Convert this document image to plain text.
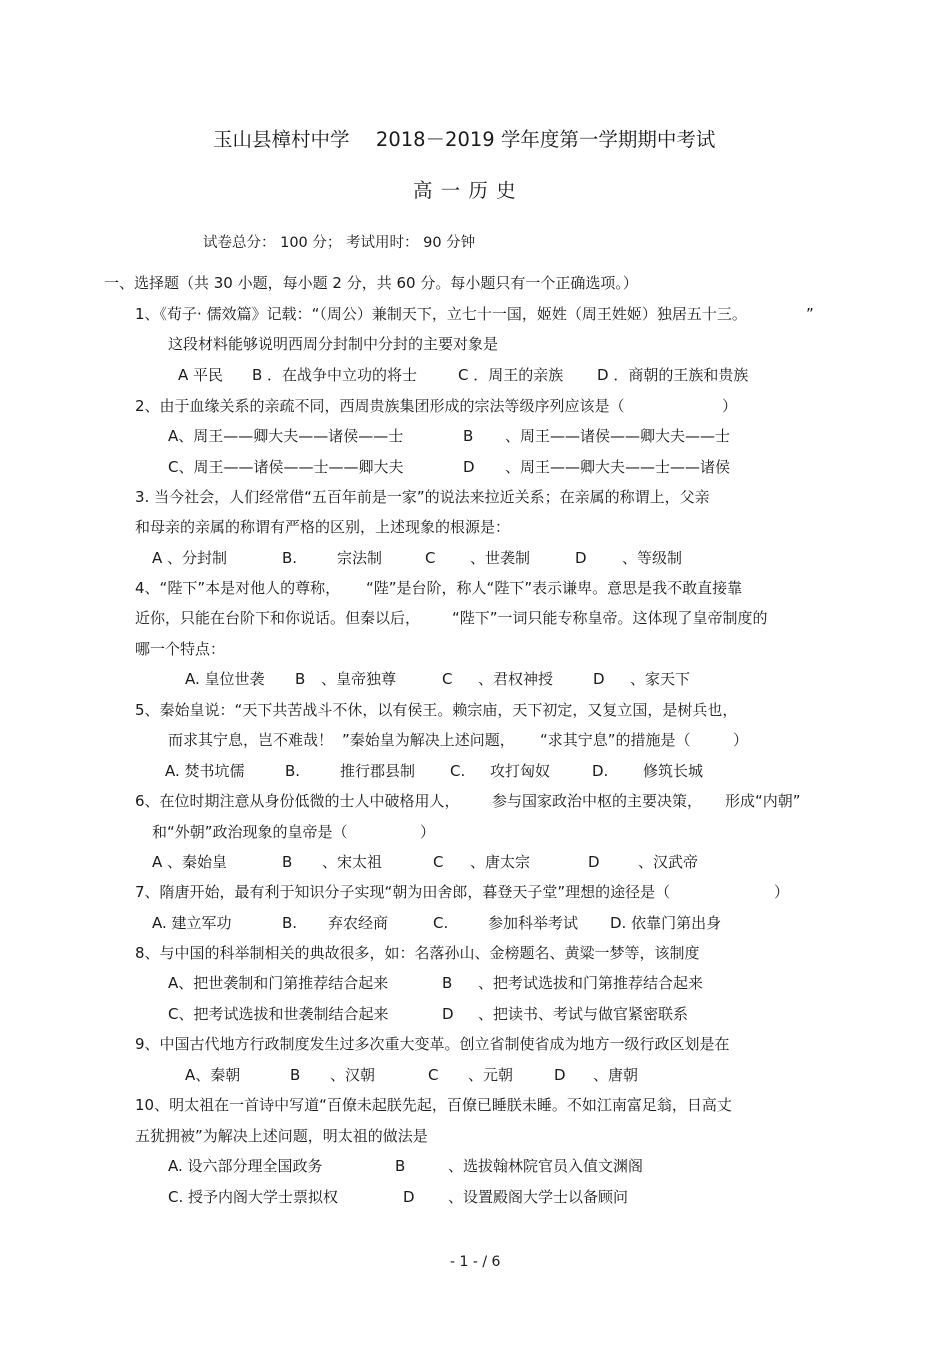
玉山县樟村中学 2018－2019 学年度第一学期期中考试
高 一 历 史
试卷总分： 100 分； 考试用时： 90 分钟
一、选择题（共 30 小题，每小题 2 分，共 60 分。每小题只有一个正确选项。）
1、《荀子· 儒效篇》记载：“（周公）兼制天下，立七十一国，姬姓（周王姓姬）独居五十三。	”
这段材料能够说明西周分封制中分封的主要对象是
A 平民 B ．在战争中立功的将士	C ．周王的亲族 D ．商朝的王族和贵族
2、由于血缘关系的亲疏不同，西周贵族集团形成的宗法等级序列应该是（	）
A、周王——卿大夫——诸侯——士	B 、周王——诸侯——卿大夫——士
C、周王——诸侯——士——卿大夫	D 、周王——卿大夫——士——诸侯
3. 当今社会，人们经常借“五百年前是一家”的说法来拉近关系；在亲属的称谓上，父亲
和母亲的亲属的称谓有严格的区别，上述现象的根源是：
A 、分封制	B.	宗法制	C 、世袭制	D 、等级制
4、“陛下”本是对他人的尊称， “陛”是台阶，称人“陛下”表示谦卑。意思是我不敢直接靠
近你，只能在台阶下和你说话。但秦以后， “陛下”一词只能专称皇帝。这体现了皇帝制度的
哪一个特点：
A. 皇位世袭 B 、皇帝独尊	C 、君权神授	D 、家天下
5、秦始皇说：“天下共苦战斗不休，以有侯王。赖宗庙，天下初定，又复立国，是树兵也，
而求其宁息，岂不难哉！ ”秦始皇为解决上述问题， “求其宁息”的措施是（	）
A. 焚书坑儒	B.	推行郡县制 C. 攻打匈奴	D. 修筑长城
6、在位时期注意从身份低微的士人中破格用人， 参与国家政治中枢的主要决策， 形成“内朝”
和“外朝”政治现象的皇帝是（	）
A 、秦始皇	B 、宋太祖	C 、唐太宗	D	、汉武帝
7、隋唐开始，最有利于知识分子实现“朝为田舍郎，暮登天子堂”理想的途径是（	）
A. 建立军功	B. 弃农经商	C.	参加科举考试 D. 依靠门第出身
8、与中国的科举制相关的典故很多，如：名落孙山、金榜题名、黄粱一梦等，该制度
A、把世袭制和门第推荐结合起来	B 、把考试选拔和门第推荐结合起来
C、把考试选拔和世袭制结合起来	D 、把读书、考试与做官紧密联系
9、中国古代地方行政制度发生过多次重大变革。创立省制使省成为地方一级行政区划是在
A、秦朝	B 、汉朝	C 、元朝	D 、唐朝
10、明太祖在一首诗中写道“百僚未起朕先起，百僚已睡朕未睡。不如江南富足翁，日高丈
五犹拥被”为解决上述问题，明太祖的做法是
A. 设六部分理全国政务	B	、选拔翰林院官员入值文渊阁
C. 授予内阁大学士票拟权	D 、设置殿阁大学士以备顾问
- 1 - / 6
